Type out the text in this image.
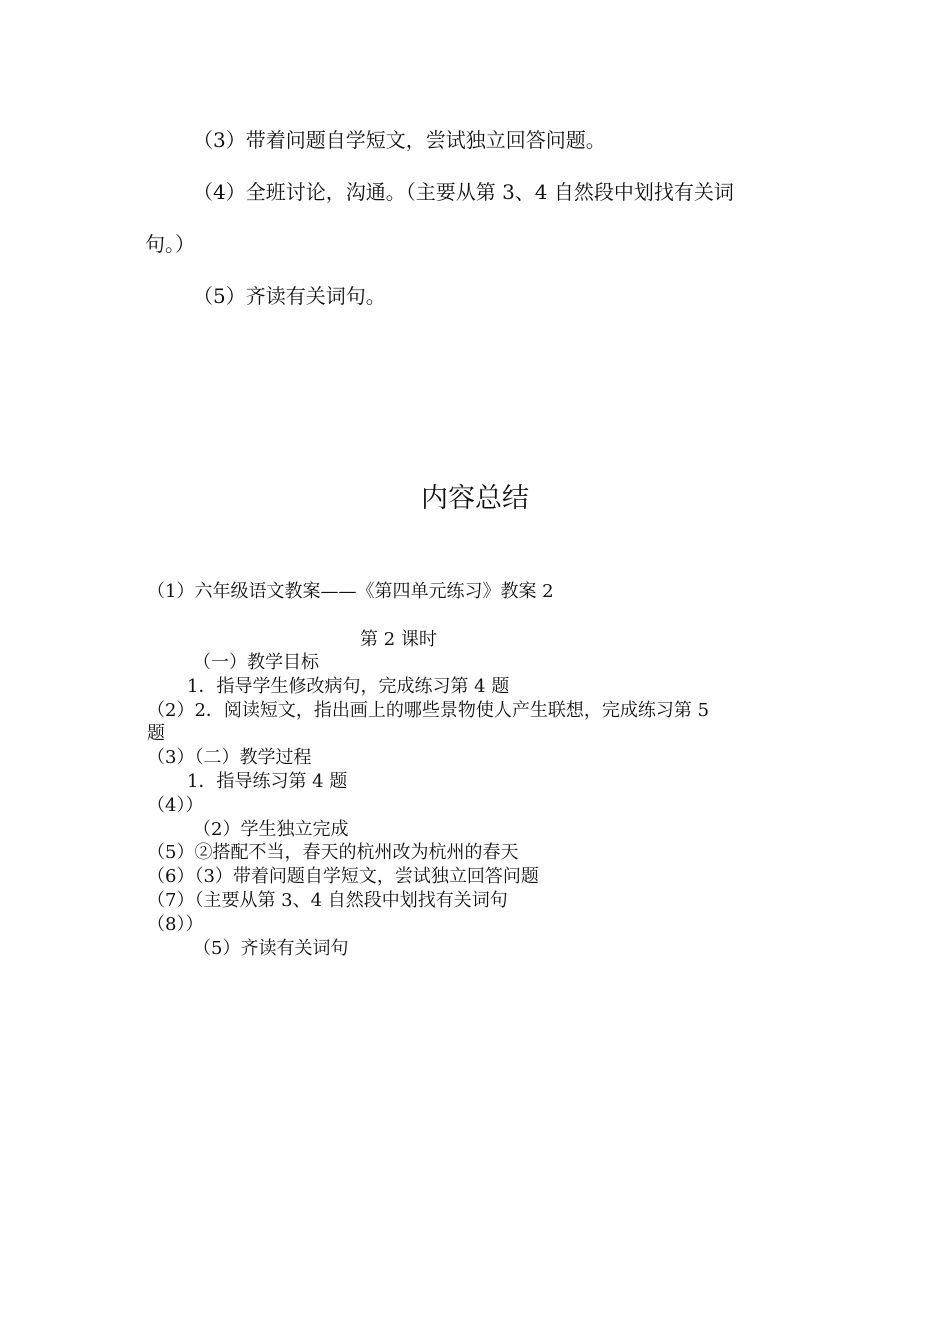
（3）带着问题自学短文，尝试独立回答问题。
（4）全班讨论，沟通。（主要从第 3、4 自然段中划找有关词
句。）
（5）齐读有关词句。
内容总结
（1）六年级语文教案——《第四单元练习》教案 2
第 2 课时
（一）教学目标
1．指导学生修改病句，完成练习第 4 题
（2）2．阅读短文，指出画上的哪些景物使人产生联想，完成练习第 5
题
（3）（二）教学过程
1．指导练习第 4 题
（4））
（2）学生独立完成
（5）②搭配不当，春天的杭州改为杭州的春天
（6）（3）带着问题自学短文，尝试独立回答问题
（7）（主要从第 3、4 自然段中划找有关词句
（8））
（5）齐读有关词句
